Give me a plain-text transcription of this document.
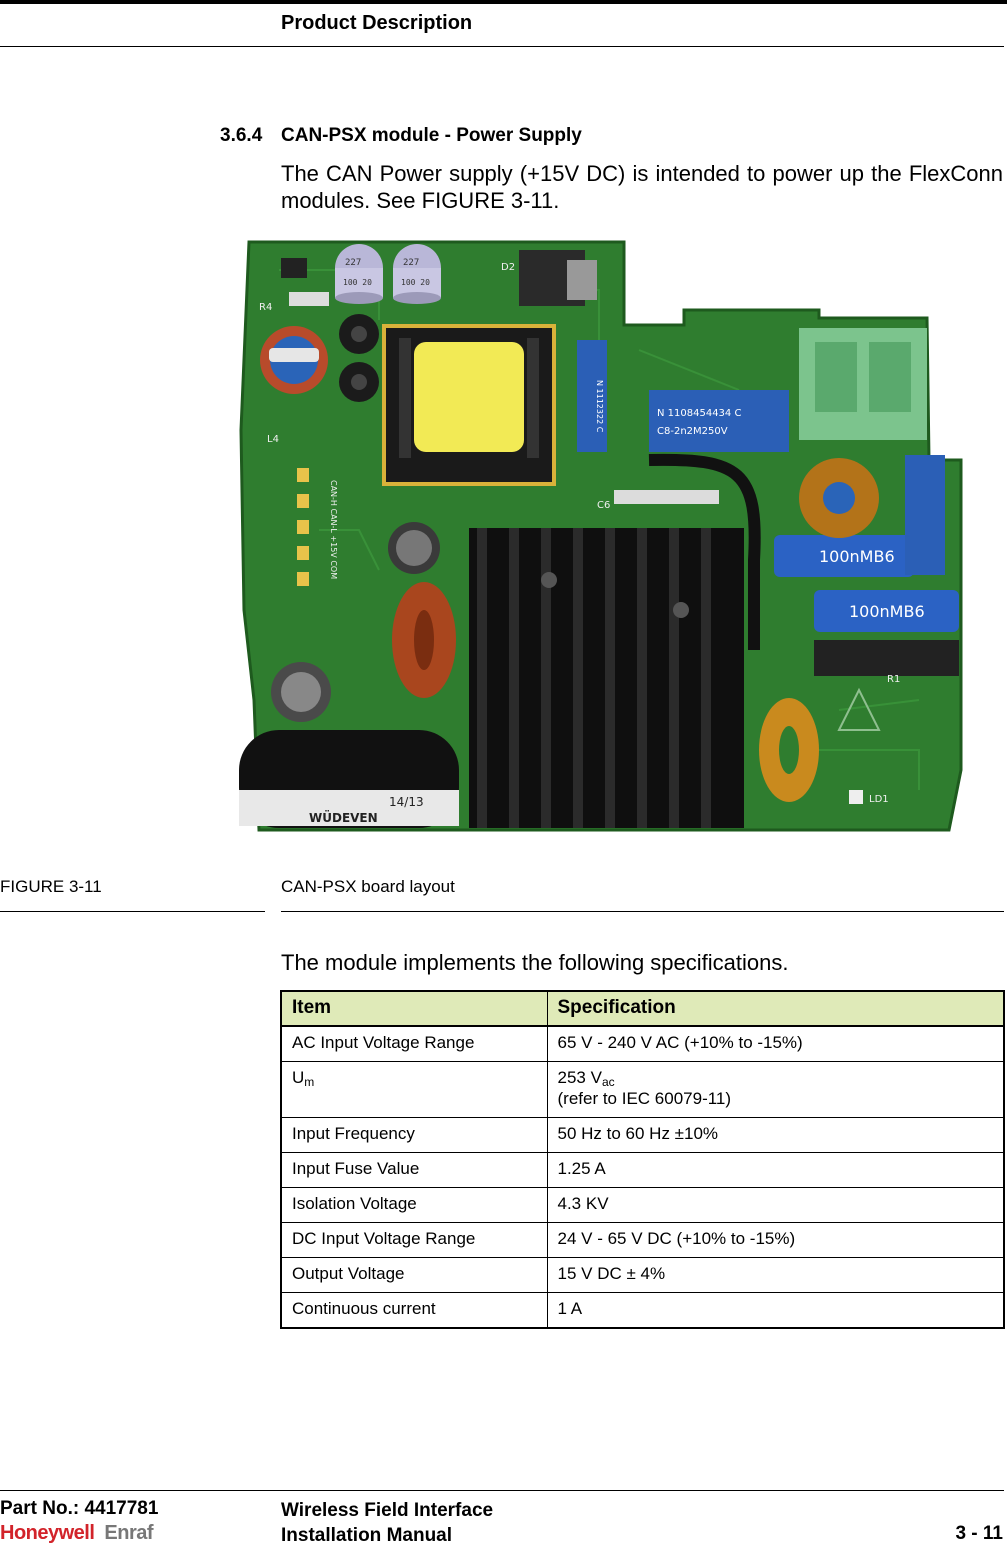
Product Description
3.6.4 CAN-PSX module - Power Supply
The CAN Power supply (+15V DC) is intended to power up the FlexConn modules. See FIGURE 3-11.
227
100 20
227
100 20
D2
N 1112322 C	N 1108454434 C
C8-2n2M250V
100nMB6
100nMB6
R1
LD1
WÜDEVEN
14/13
CAN-H CAN-L +15V COM
L4
R4
C6
FIGURE 3-11	CAN-PSX board layout
The module implements the following specifications.
Item	Specification
AC Input Voltage Range	65 V - 240 V AC (+10% to -15%)
$U_m$	253 $V_{ac}$
(refer to IEC 60079-11)
Input Frequency	50 Hz to 60 Hz ±10%
Input Fuse Value	1.25 A
Isolation Voltage	4.3 KV
DC Input Voltage Range	24 V - 65 V DC (+10% to -15%)
Output Voltage	15 V DC ± 4%
Continuous current	1 A
Part No.: 4417781	Wireless Field Interface
Installation Manual	3 - 11
Honeywell Enraf
